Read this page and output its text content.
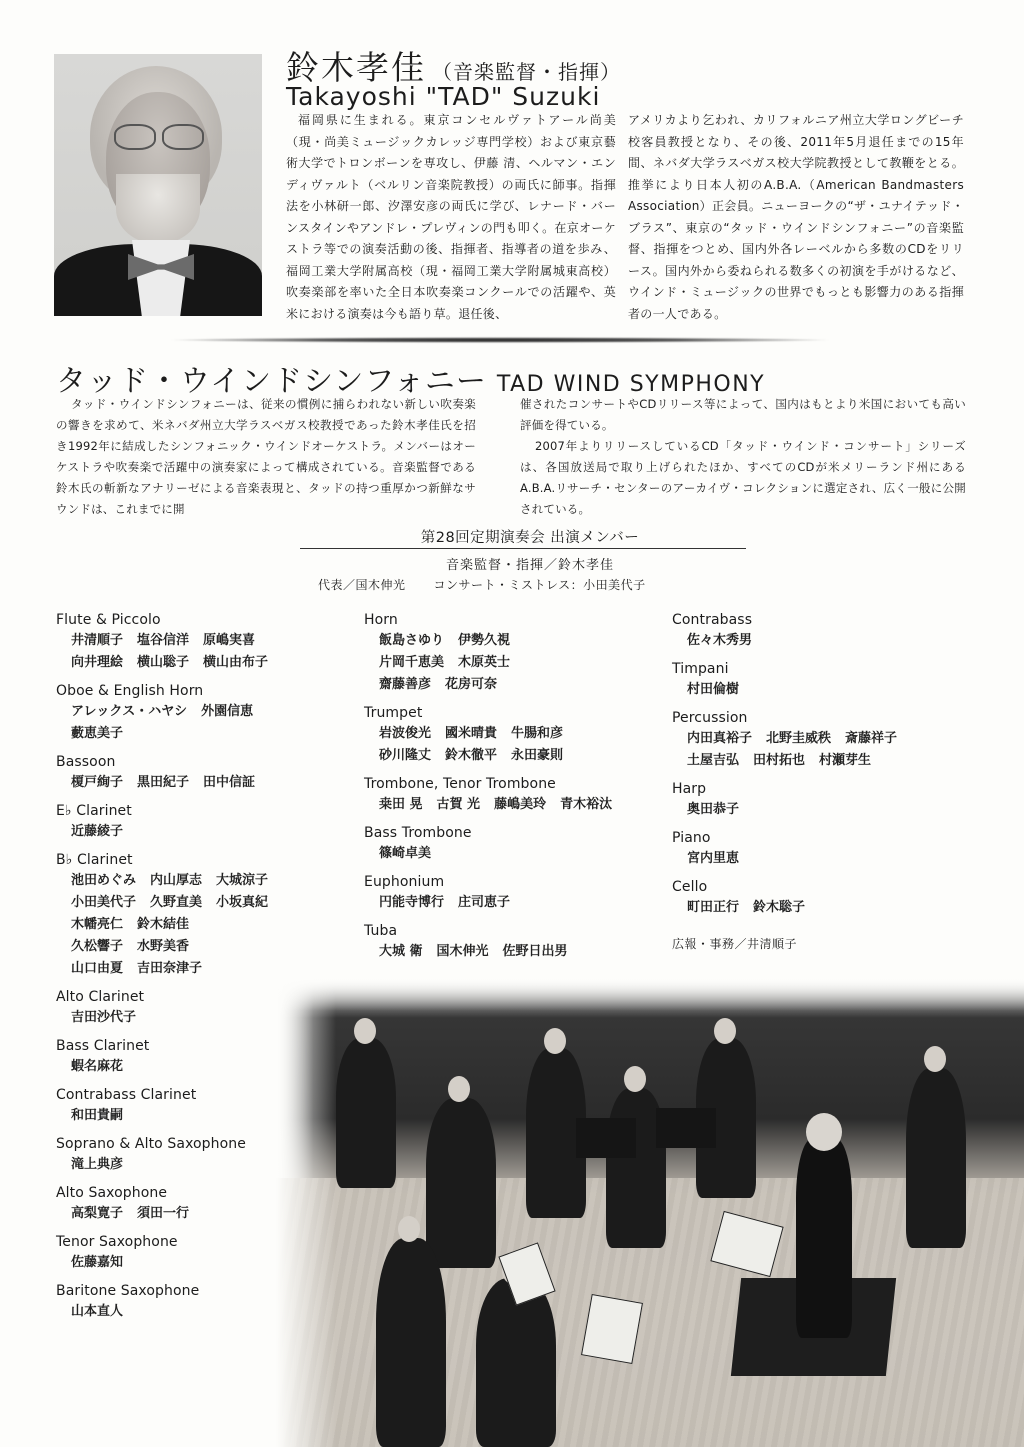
鈴木孝佳 （音楽監督・指揮）
Takayoshi "TAD" Suzuki
福岡県に生まれる。東京コンセルヴァトアール尚美（現・尚美ミュージックカレッジ専門学校）および東京藝術大学でトロンボーンを専攻し、伊藤 清、ヘルマン・エンディヴァルト（ベルリン音楽院教授）の両氏に師事。指揮法を小林研一郎、汐澤安彦の両氏に学び、レナード・バーンスタインやアンドレ・プレヴィンの門も叩く。在京オーケストラ等での演奏活動の後、指揮者、指導者の道を歩み、福岡工業大学附属高校（現・福岡工業大学附属城東高校）吹奏楽部を率いた全日本吹奏楽コンクールでの活躍や、英米における演奏は今も語り草。退任後、
アメリカより乞われ、カリフォルニア州立大学ロングビーチ校客員教授となり、その後、2011年5月退任までの15年間、ネバダ大学ラスベガス校大学院教授として教鞭をとる。推挙により日本人初のA.B.A.（American Bandmasters Association）正会員。ニューヨークの“ザ・ユナイテッド・ブラス”、東京の“タッド・ウインドシンフォニー”の音楽監督、指揮をつとめ、国内外各レーベルから多数のCDをリリース。国内外から委ねられる数多くの初演を手がけるなど、ウインド・ミュージックの世界でもっとも影響力のある指揮者の一人である。
タッド・ウインドシンフォニー TAD WIND SYMPHONY
タッド・ウインドシンフォニーは、従来の慣例に捕らわれない新しい吹奏楽の響きを求めて、米ネバダ州立大学ラスベガス校教授であった鈴木孝佳氏を招き1992年に結成したシンフォニック・ウインドオーケストラ。メンバーはオーケストラや吹奏楽で活躍中の演奏家によって構成されている。音楽監督である鈴木氏の斬新なアナリーゼによる音楽表現と、タッドの持つ重厚かつ新鮮なサウンドは、これまでに開
催されたコンサートやCDリリース等によって、国内はもとより米国においても高い評価を得ている。
2007年よりリリースしているCD「タッド・ウインド・コンサート」シリーズは、各国放送局で取り上げられたほか、すべてのCDが米メリーランド州にあるA.B.A.リサーチ・センターのアーカイヴ・コレクションに選定され、広く一般に公開されている。
第28回定期演奏会 出演メンバー
音楽監督・指揮／鈴木孝佳
代表／国木伸光 コンサート・ミストレス：小田美代子
Flute & Piccolo
井清順子 塩谷信洋 原嶋実喜
向井理絵 横山聡子 横山由布子
Oboe & English Horn
アレックス・ハヤシ 外園信恵
藪恵美子
Bassoon
榎戸絢子 黒田紀子 田中信証
E♭ Clarinet
近藤綾子
B♭ Clarinet
池田めぐみ 内山厚志 大城涼子
小田美代子 久野直美 小坂真紀
木幡亮仁 鈴木結佳
久松響子 水野美香
山口由夏 吉田奈津子
Alto Clarinet
吉田沙代子
Bass Clarinet
蝦名麻花
Contrabass Clarinet
和田貴嗣
Soprano & Alto Saxophone
滝上典彦
Alto Saxophone
高梨寛子 須田一行
Tenor Saxophone
佐藤嘉知
Baritone Saxophone
山本直人
Horn
飯島さゆり 伊勢久視
片岡千恵美 木原英士
齋藤善彦 花房可奈
Trumpet
岩波俊光 國米晴貴 牛腸和彦
砂川隆丈 鈴木徹平 永田豪則
Trombone, Tenor Trombone
桒田 晃 古賀 光 藤嶋美玲 青木裕汰
Bass Trombone
篠崎卓美
Euphonium
円能寺博行 庄司恵子
Tuba
大城 衛 国木伸光 佐野日出男
Contrabass
佐々木秀男
Timpani
村田倫樹
Percussion
内田真裕子 北野圭威秩 斎藤祥子
土屋吉弘 田村拓也 村瀬芽生
Harp
奥田恭子
Piano
宮内里恵
Cello
町田正行 鈴木聡子
広報・事務／井清順子
